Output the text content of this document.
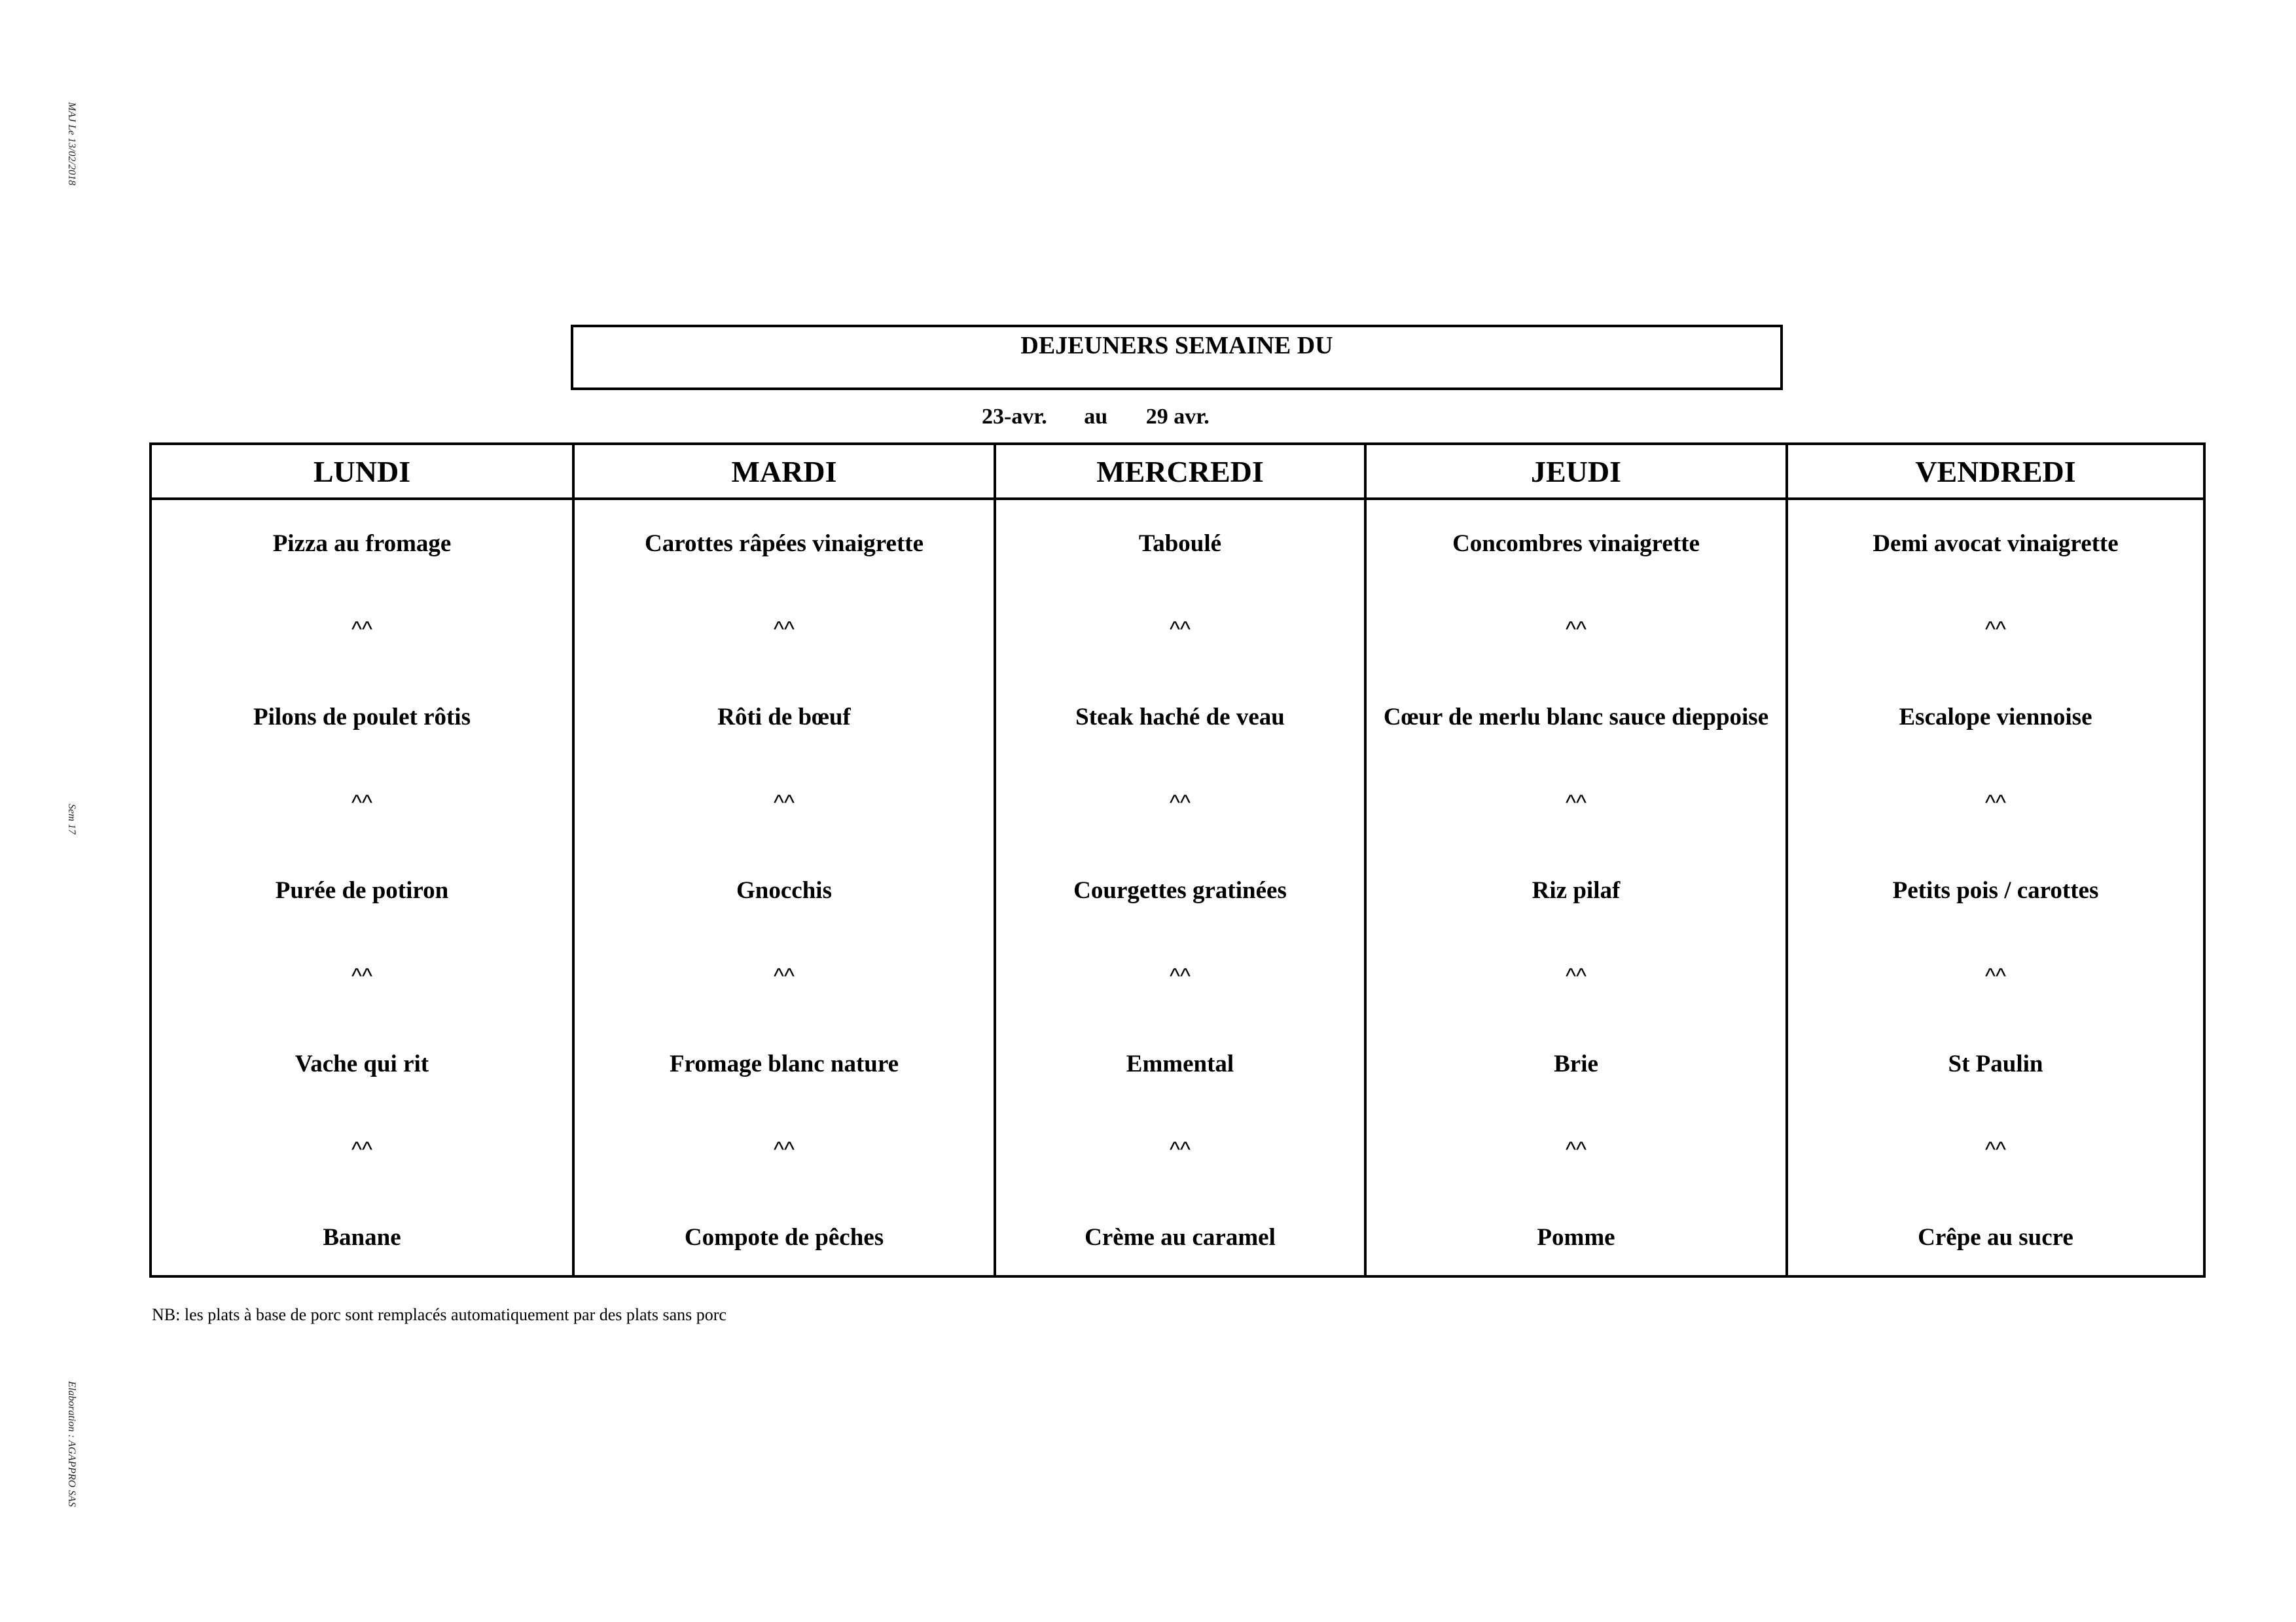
MAJ Le 13/02/2018
Sem 17
Elaboration : AGAPPRO SAS
DEJEUNERS SEMAINE DU
23-avr. au 29 avr.
LUNDI
Pizza au fromage
^^
Pilons de poulet rôtis
^^
Purée de potiron
^^
Vache qui rit
^^
Banane
MARDI
Carottes râpées vinaigrette
^^
Rôti de bœuf
^^
Gnocchis
^^
Fromage blanc nature
^^
Compote de pêches
MERCREDI
Taboulé
^^
Steak haché de veau
^^
Courgettes gratinées
^^
Emmental
^^
Crème au caramel
JEUDI
Concombres vinaigrette
^^
Cœur de merlu blanc sauce dieppoise
^^
Riz pilaf
^^
Brie
^^
Pomme
VENDREDI
Demi avocat vinaigrette
^^
Escalope viennoise
^^
Petits pois / carottes
^^
St Paulin
^^
Crêpe au sucre
NB: les plats à base de porc sont remplacés automatiquement par des plats sans porc
